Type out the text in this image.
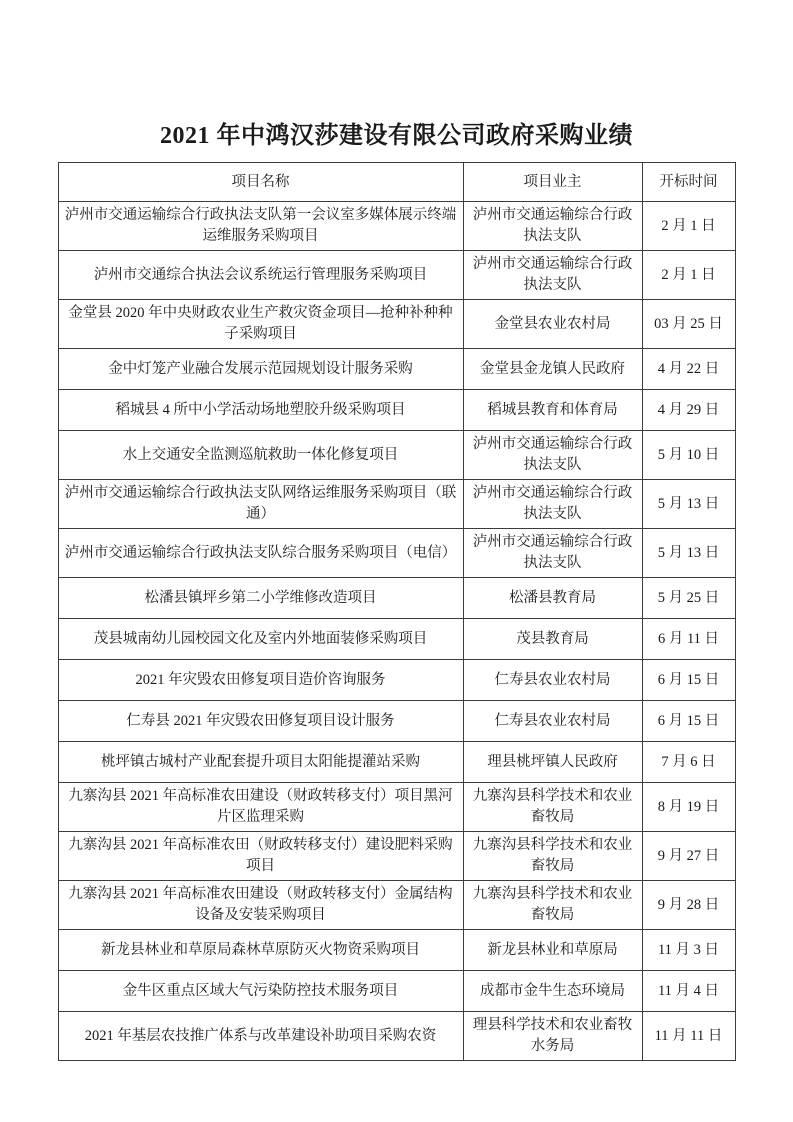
2021 年中鸿汉莎建设有限公司政府采购业绩
项目名称	项目业主	开标时间
泸州市交通运输综合行政执法支队第一会议室多媒体展示终端运维服务采购项目	泸州市交通运输综合行政执法支队	2 月 1 日
泸州市交通综合执法会议系统运行管理服务采购项目	泸州市交通运输综合行政执法支队	2 月 1 日
金堂县 2020 年中央财政农业生产救灾资金项目—抢种补种种子采购项目	金堂县农业农村局	03 月 25 日
金中灯笼产业融合发展示范园规划设计服务采购	金堂县金龙镇人民政府	4 月 22 日
稻城县 4 所中小学活动场地塑胶升级采购项目	稻城县教育和体育局	4 月 29 日
水上交通安全监测巡航救助一体化修复项目	泸州市交通运输综合行政执法支队	5 月 10 日
泸州市交通运输综合行政执法支队网络运维服务采购项目（联通）	泸州市交通运输综合行政执法支队	5 月 13 日
泸州市交通运输综合行政执法支队综合服务采购项目（电信）	泸州市交通运输综合行政执法支队	5 月 13 日
松潘县镇坪乡第二小学维修改造项目	松潘县教育局	5 月 25 日
茂县城南幼儿园校园文化及室内外地面装修采购项目	茂县教育局	6 月 11 日
2021 年灾毁农田修复项目造价咨询服务	仁寿县农业农村局	6 月 15 日
仁寿县 2021 年灾毁农田修复项目设计服务	仁寿县农业农村局	6 月 15 日
桃坪镇古城村产业配套提升项目太阳能提灌站采购	理县桃坪镇人民政府	7 月 6 日
九寨沟县 2021 年高标准农田建设（财政转移支付）项目黑河片区监理采购	九寨沟县科学技术和农业畜牧局	8 月 19 日
九寨沟县 2021 年高标准农田（财政转移支付）建设肥料采购项目	九寨沟县科学技术和农业畜牧局	9 月 27 日
九寨沟县 2021 年高标准农田建设（财政转移支付）金属结构设备及安装采购项目	九寨沟县科学技术和农业畜牧局	9 月 28 日
新龙县林业和草原局森林草原防灭火物资采购项目	新龙县林业和草原局	11 月 3 日
金牛区重点区域大气污染防控技术服务项目	成都市金牛生态环境局	11 月 4 日
2021 年基层农技推广体系与改革建设补助项目采购农资	理县科学技术和农业畜牧水务局	11 月 11 日
